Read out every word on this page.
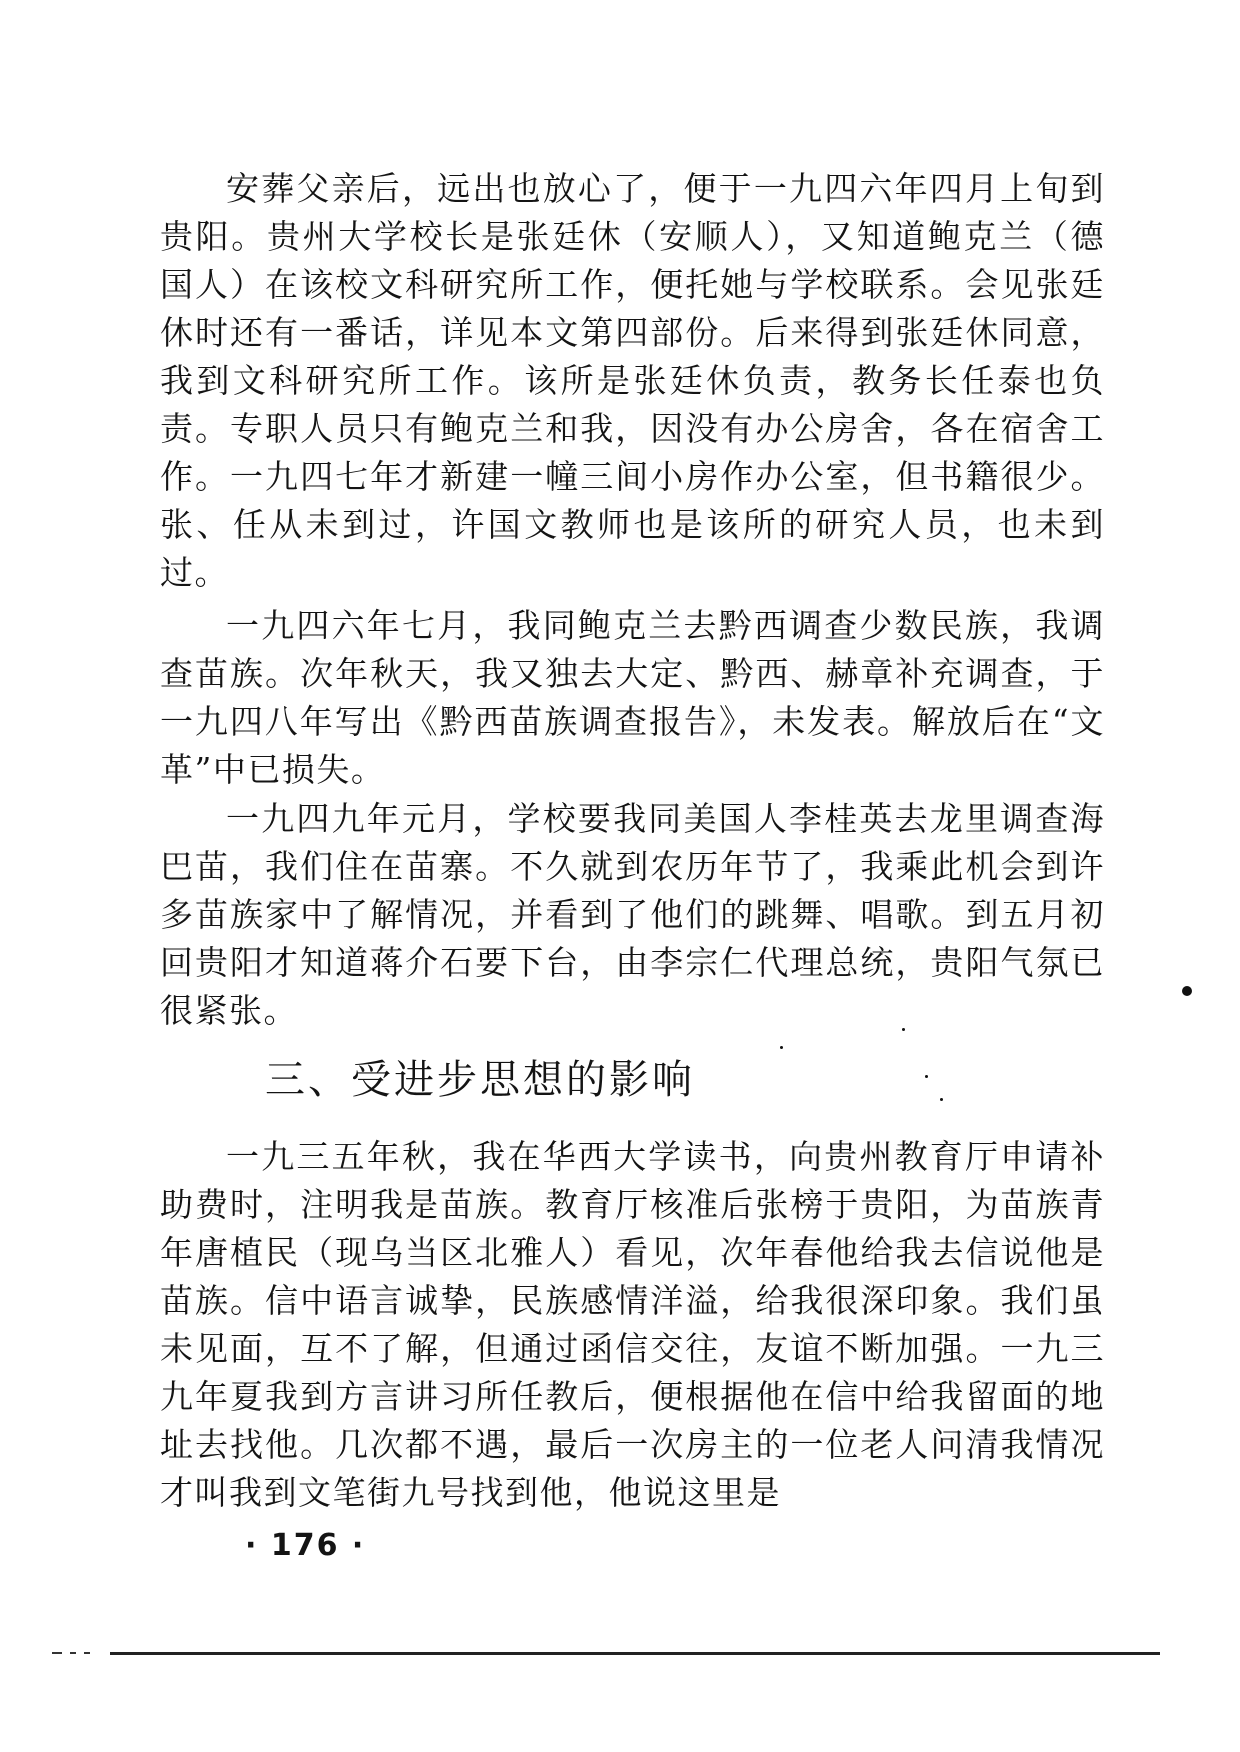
安葬父亲后，远出也放心了，便于一九四六年四月上旬到贵阳。贵州大学校长是张廷休（安顺人），又知道鲍克兰（德国人）在该校文科研究所工作，便托她与学校联系。会见张廷休时还有一番话，详见本文第四部份。后来得到张廷休同意，我到文科研究所工作。该所是张廷休负责，教务长任泰也负责。专职人员只有鲍克兰和我，因没有办公房舍，各在宿舍工作。一九四七年才新建一幢三间小房作办公室，但书籍很少。张、任从未到过，许国文教师也是该所的研究人员，也未到过。

一九四六年七月，我同鲍克兰去黔西调查少数民族，我调查苗族。次年秋天，我又独去大定、黔西、赫章补充调查，于一九四八年写出《黔西苗族调查报告》，未发表。解放后在“文革”中已损失。

一九四九年元月，学校要我同美国人李桂英去龙里调查海巴苗，我们住在苗寨。不久就到农历年节了，我乘此机会到许多苗族家中了解情况，并看到了他们的跳舞、唱歌。到五月初回贵阳才知道蒋介石要下台，由李宗仁代理总统，贵阳气氛已很紧张。

三、受进步思想的影响

一九三五年秋，我在华西大学读书，向贵州教育厅申请补助费时，注明我是苗族。教育厅核准后张榜于贵阳，为苗族青年唐植民（现乌当区北雅人）看见，次年春他给我去信说他是苗族。信中语言诚挚，民族感情洋溢，给我很深印象。我们虽未见面，互不了解，但通过函信交往，友谊不断加强。一九三九年夏我到方言讲习所任教后，便根据他在信中给我留面的地址去找他。几次都不遇，最后一次房主的一位老人问清我情况才叫我到文笔街九号找到他，他说这里是

· 176 ·
